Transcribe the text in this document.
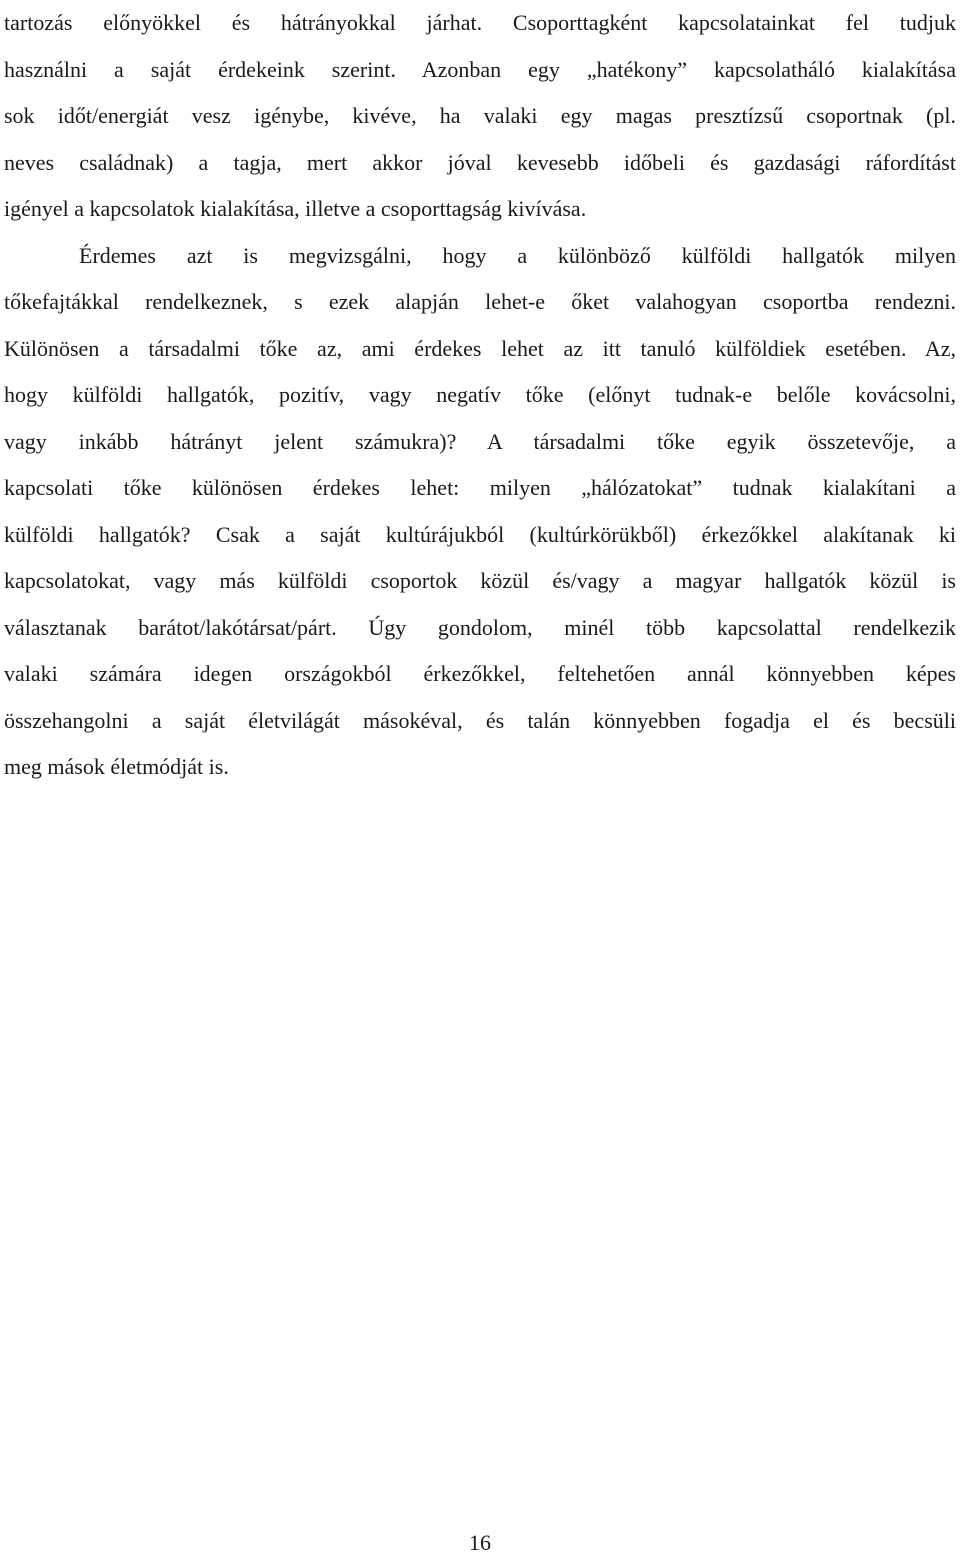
tartozás előnyökkel és hátrányokkal járhat. Csoporttagként kapcsolatainkat fel tudjuk
használni a saját érdekeink szerint. Azonban egy „hatékony” kapcsolatháló kialakítása
sok időt/energiát vesz igénybe, kivéve, ha valaki egy magas presztízsű csoportnak (pl.
neves családnak) a tagja, mert akkor jóval kevesebb időbeli és gazdasági ráfordítást
igényel a kapcsolatok kialakítása, illetve a csoporttagság kivívása.
Érdemes azt is megvizsgálni, hogy a különböző külföldi hallgatók milyen
tőkefajtákkal rendelkeznek, s ezek alapján lehet-e őket valahogyan csoportba rendezni.
Különösen a társadalmi tőke az, ami érdekes lehet az itt tanuló külföldiek esetében. Az,
hogy külföldi hallgatók, pozitív, vagy negatív tőke (előnyt tudnak-e belőle kovácsolni,
vagy inkább hátrányt jelent számukra)? A társadalmi tőke egyik összetevője, a
kapcsolati tőke különösen érdekes lehet: milyen „hálózatokat” tudnak kialakítani a
külföldi hallgatók? Csak a saját kultúrájukból (kultúrkörükből) érkezőkkel alakítanak ki
kapcsolatokat, vagy más külföldi csoportok közül és/vagy a magyar hallgatók közül is
választanak barátot/lakótársat/párt. Úgy gondolom, minél több kapcsolattal rendelkezik
valaki számára idegen országokból érkezőkkel, feltehetően annál könnyebben képes
összehangolni a saját életvilágát másokéval, és talán könnyebben fogadja el és becsüli
meg mások életmódját is.
16
